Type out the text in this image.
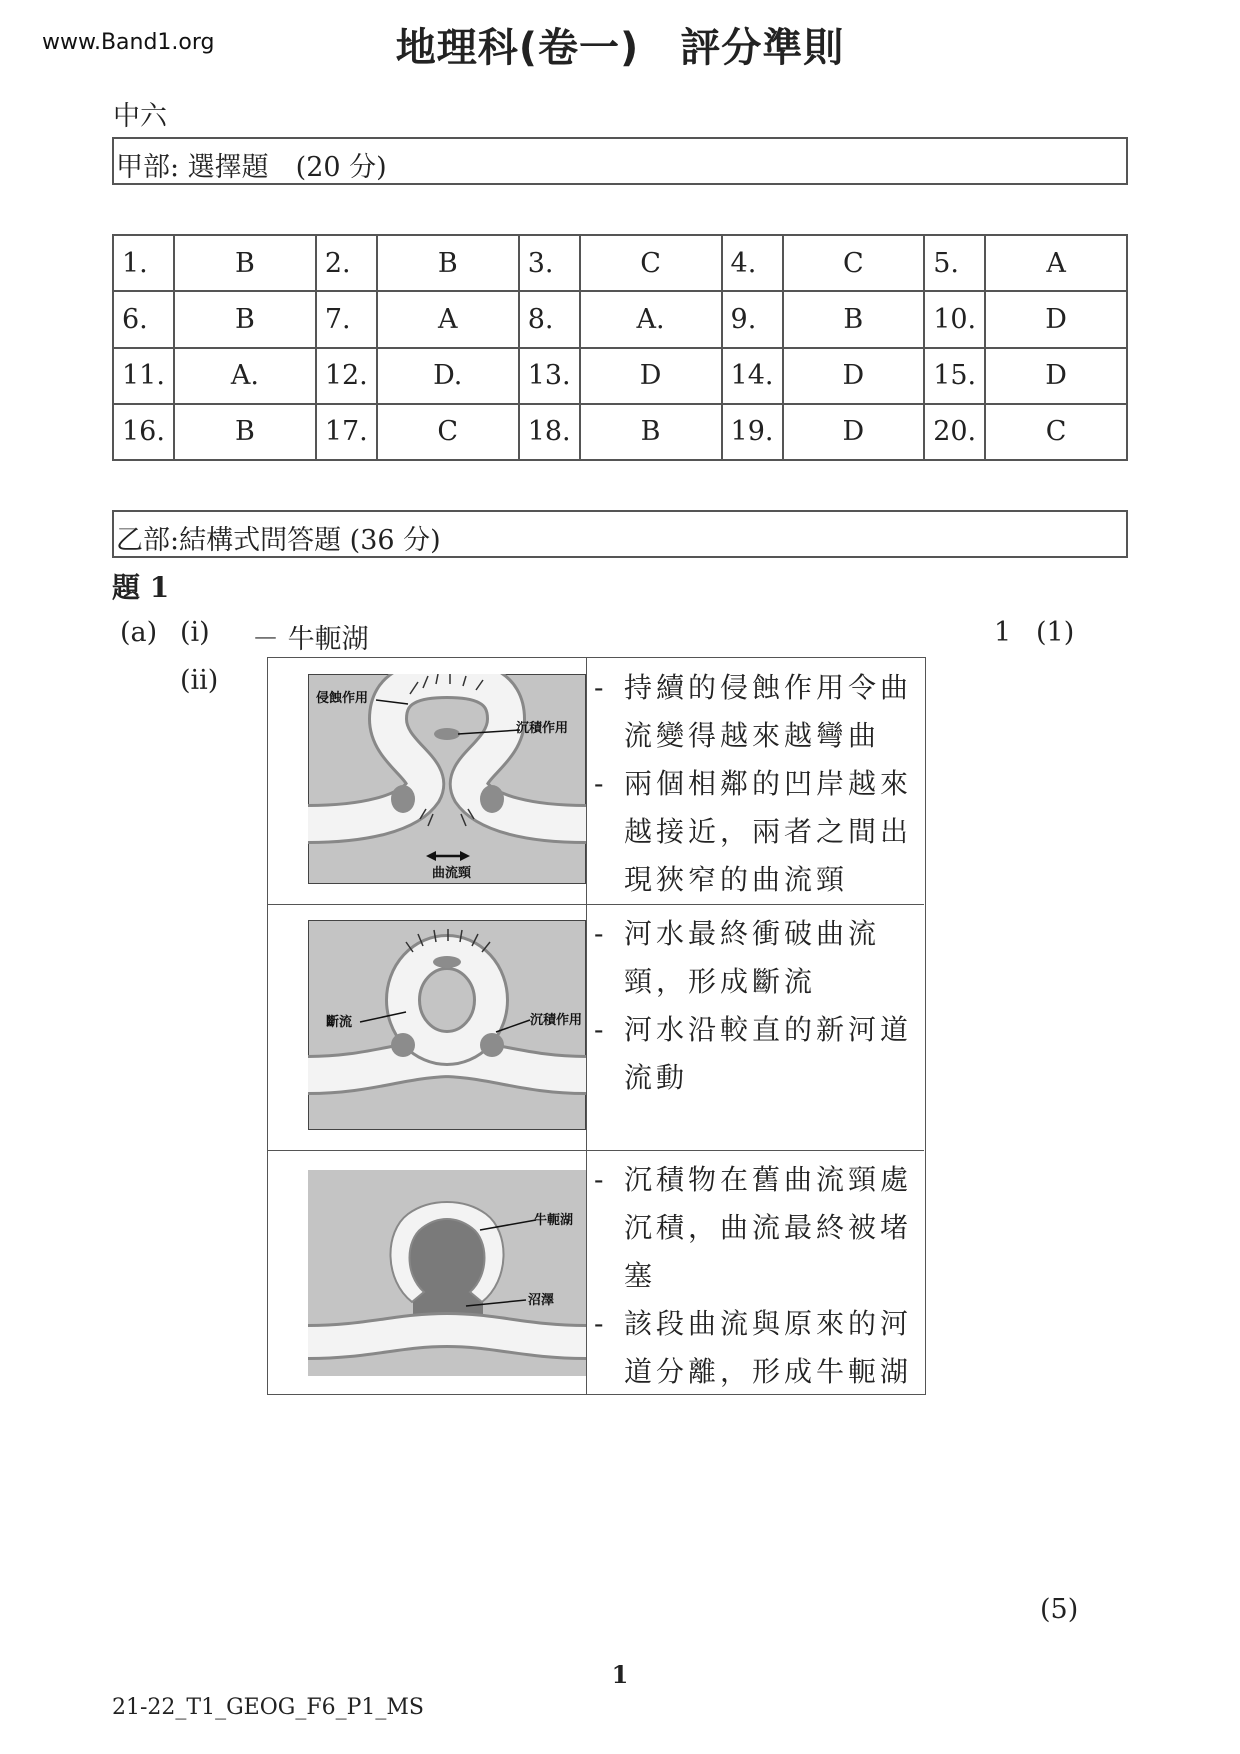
www.Band1.org	地理科(卷一)　評分準則
中六
甲部: 選擇題　(20 分)
1.	B	2.	B	3.	C	4.	C	5.	A
6.	B	7.	A	8.	A.	9.	B	10.	D
11.	A.	12.	D.	13.	D	14.	D	15.	D
16.	B	17.	C	18.	B	19.	D	20.	C
乙部:結構式問答題 (36 分)
題 1
(a) (i) － 牛軛湖	1 (1)
(ii)
侵蝕作用
沉積作用
曲流頸
- 持續的侵蝕作用令曲流變得越來越彎曲
- 兩個相鄰的凹岸越來越接近，兩者之間出現狹窄的曲流頸
斷流	沉積作用
- 河水最終衝破曲流頸，形成斷流
- 河水沿較直的新河道流動
牛軛湖
沼澤
- 沉積物在舊曲流頸處沉積，曲流最終被堵塞
- 該段曲流與原來的河道分離，形成牛軛湖
(5)
1
21-22_T1_GEOG_F6_P1_MS
